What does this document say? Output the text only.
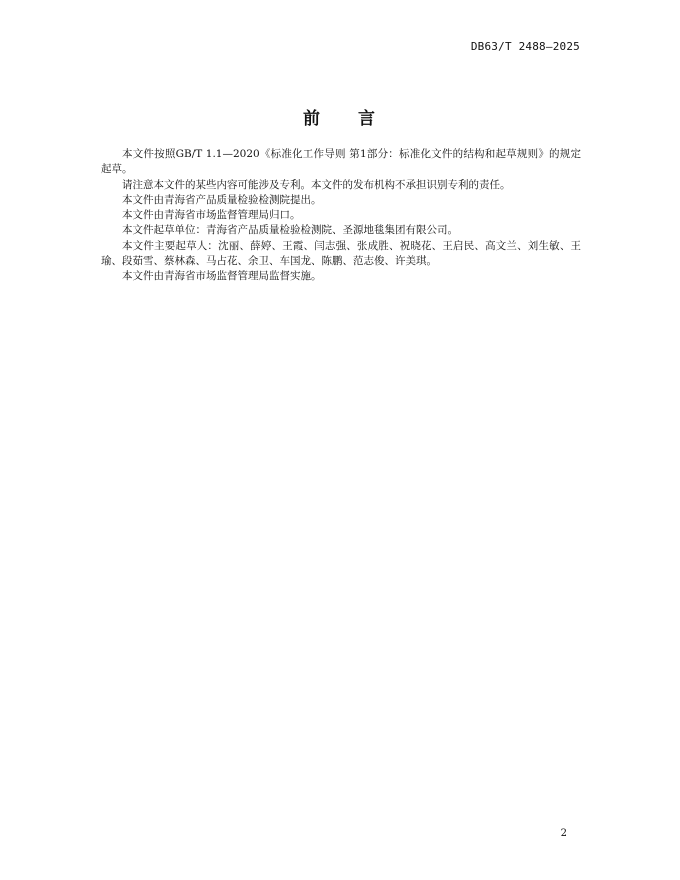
DB63/T 2488—2025
前 言

本文件按照GB/T 1.1—2020《标准化工作导则 第1部分：标准化文件的结构和起草规则》的规定起草。

请注意本文件的某些内容可能涉及专利。本文件的发布机构不承担识别专利的责任。

本文件由青海省产品质量检验检测院提出。

本文件由青海省市场监督管理局归口。

本文件起草单位：青海省产品质量检验检测院、圣源地毯集团有限公司。

本文件主要起草人：沈丽、薛婷、王霞、闫志强、张成胜、祝晓花、王启民、高文兰、刘生敏、王瑜、段茹雪、蔡林森、马占花、余卫、车国龙、陈鹏、范志俊、许美琪。

本文件由青海省市场监督管理局监督实施。

2
